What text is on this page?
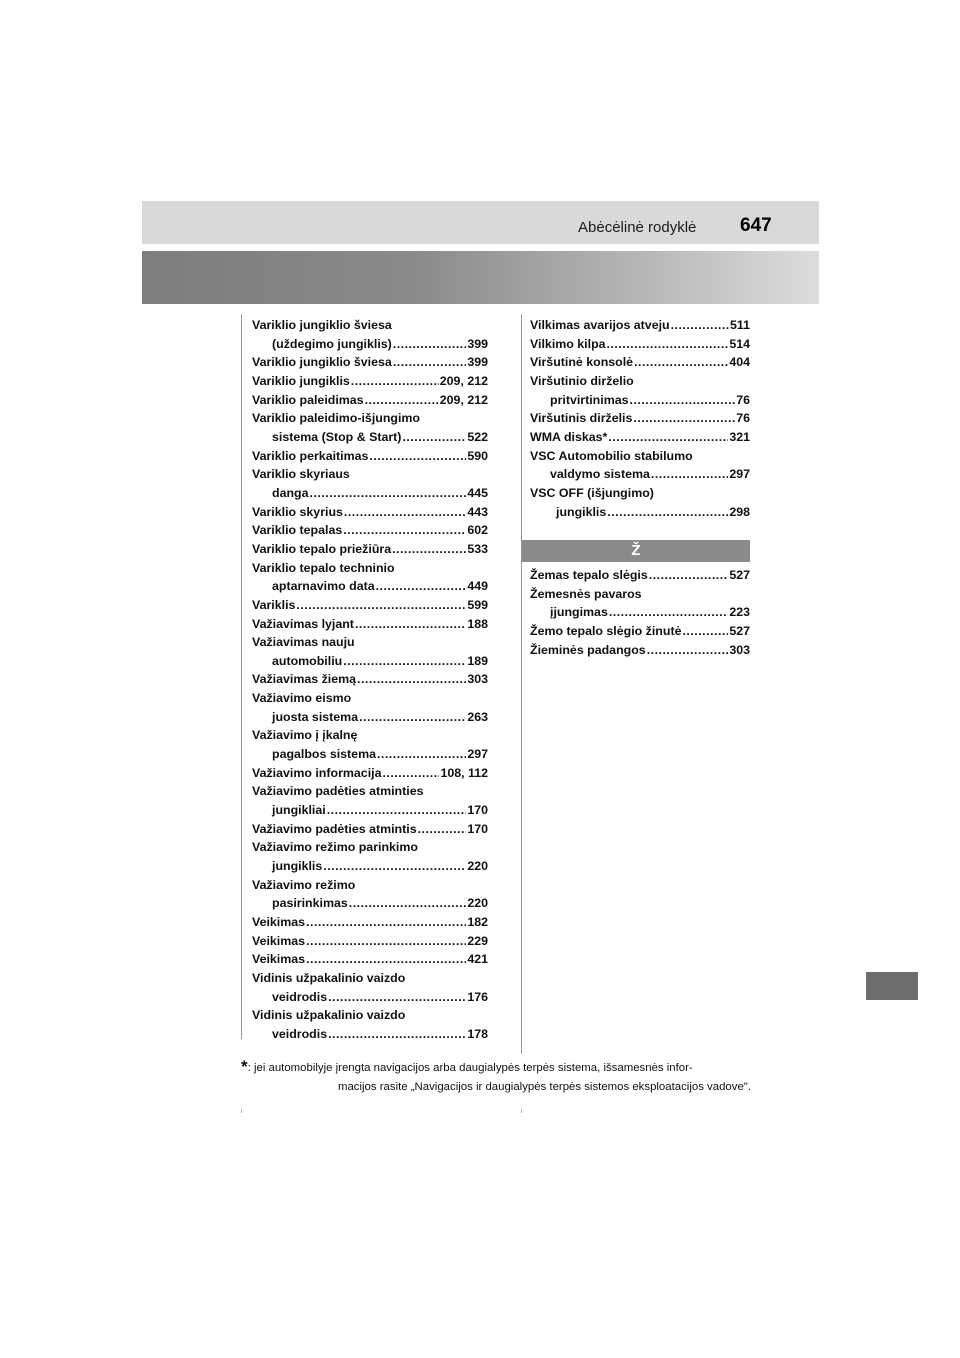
Abėcėlinė rodyklė 647
Variklio jungiklio šviesa
(uždegimo jungiklis) .....	399
Variklio jungiklio šviesa .....	399
Variklio jungiklis .....	209, 212
Variklio paleidimas .....	209, 212
Variklio paleidimo-išjungimo
sistema (Stop & Start) .....	522
Variklio perkaitimas .....	590
Variklio skyriaus
danga .....	445
Variklio skyrius .....	443
Variklio tepalas .....	602
Variklio tepalo priežiūra .....	533
Variklio tepalo techninio
aptarnavimo data .....	449
Variklis .....	599
Važiavimas lyjant .....	188
Važiavimas nauju
automobiliu .....	189
Važiavimas žiemą .....	303
Važiavimo eismo
juosta sistema .....	263
Važiavimo į įkalnę
pagalbos sistema .....	297
Važiavimo informacija .....	108, 112
Važiavimo padėties atminties
jungikliai .....	170
Važiavimo padėties atmintis .....	170
Važiavimo režimo parinkimo
jungiklis .....	220
Važiavimo režimo
pasirinkimas .....	220
Veikimas .....	182
Veikimas .....	229
Veikimas .....	421
Vidinis užpakalinio vaizdo
veidrodis .....	176
Vidinis užpakalinio vaizdo
veidrodis .....	178
Vilkimas avarijos atveju .....	511
Vilkimo kilpa .....	514
Viršutinė konsolė .....	404
Viršutinio dirželio
pritvirtinimas .....	76
Viršutinis dirželis .....	76
WMA diskas* .....	321
VSC Automobilio stabilumo
valdymo sistema .....	297
VSC OFF (išjungimo)
jungiklis .....	298
Ž
Žemas tepalo slėgis .....	527
Žemesnės pavaros
įjungimas .....	223
Žemo tepalo slėgio žinutė .....	527
Žieminės padangos .....	303
*: jei automobilyje įrengta navigacijos arba daugialypės terpės sistema, išsamesnės infor-
macijos rasite „Navigacijos ir daugialypės terpės sistemos eksploatacijos vadove".
